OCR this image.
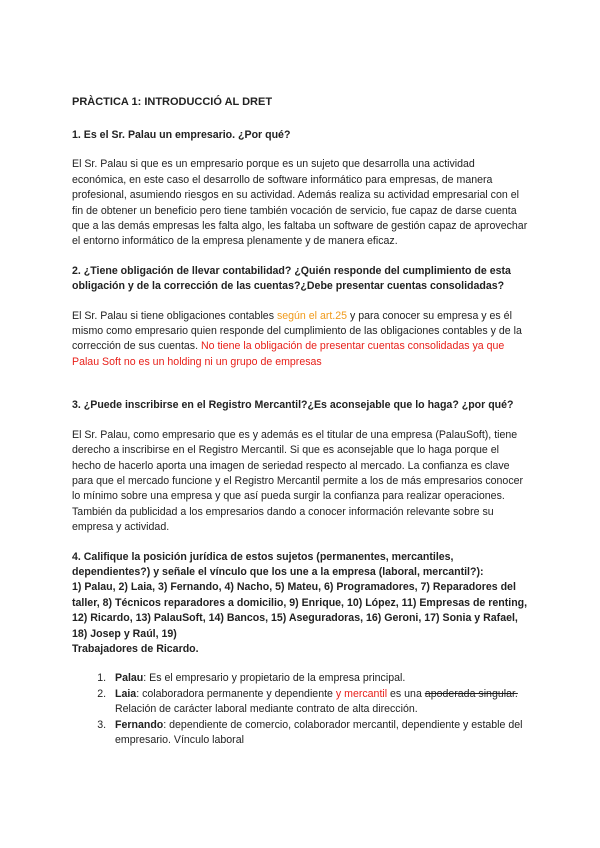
PRÀCTICA 1: INTRODUCCIÓ AL DRET
1. Es el Sr. Palau un empresario. ¿Por qué?

El Sr. Palau si que es un empresario porque es un sujeto que desarrolla una actividad económica, en este caso el desarrollo de software informático para empresas, de manera profesional, asumiendo riesgos en su actividad. Además realiza su actividad empresarial con el fin de obtener un beneficio pero tiene también vocación de servicio, fue capaz de darse cuenta que a las demás empresas les falta algo, les faltaba un software de gestión capaz de aprovechar el entorno informático de la empresa plenamente y de manera eficaz.

2. ¿Tiene obligación de llevar contabilidad? ¿Quién responde del cumplimiento de esta obligación y de la corrección de las cuentas?¿Debe presentar cuentas consolidadas?

El Sr. Palau si tiene obligaciones contables según el art.25 y para conocer su empresa y es él mismo como empresario quien responde del cumplimiento de las obligaciones contables y de la corrección de sus cuentas. No tiene la obligación de presentar cuentas consolidadas ya que Palau Soft no es un holding ni un grupo de empresas

3. ¿Puede inscribirse en el Registro Mercantil?¿Es aconsejable que lo haga? ¿por qué?

El Sr. Palau, como empresario que es y además es el titular de una empresa (PalauSoft), tiene derecho a inscribirse en el Registro Mercantil. Si que es aconsejable que lo haga porque el hecho de hacerlo aporta una imagen de seriedad respecto al mercado. La confianza es clave para que el mercado funcione y el Registro Mercantil permite a los de más empresarios conocer lo mínimo sobre una empresa y que así pueda surgir la confianza para realizar operaciones. También da publicidad a los empresarios dando a conocer información relevante sobre su empresa y actividad.

4. Califique la posición jurídica de estos sujetos (permanentes, mercantiles, dependientes?) y señale el vínculo que los une a la empresa (laboral, mercantil?):
1) Palau, 2) Laia, 3) Fernando, 4) Nacho, 5) Mateu, 6) Programadores, 7) Reparadores del taller, 8) Técnicos reparadores a domicilio, 9) Enrique, 10) López, 11) Empresas de renting, 12) Ricardo, 13) PalauSoft, 14) Bancos, 15) Aseguradoras, 16) Geroni, 17) Sonia y Rafael, 18) Josep y Raúl, 19)
Trabajadores de Ricardo.
1. Palau: Es el empresario y propietario de la empresa principal.
2. Laia: colaboradora permanente y dependiente y mercantil es una apoderada singular. Relación de carácter laboral mediante contrato de alta dirección.
3. Fernando: dependiente de comercio, colaborador mercantil, dependiente y estable del empresario. Vínculo laboral
